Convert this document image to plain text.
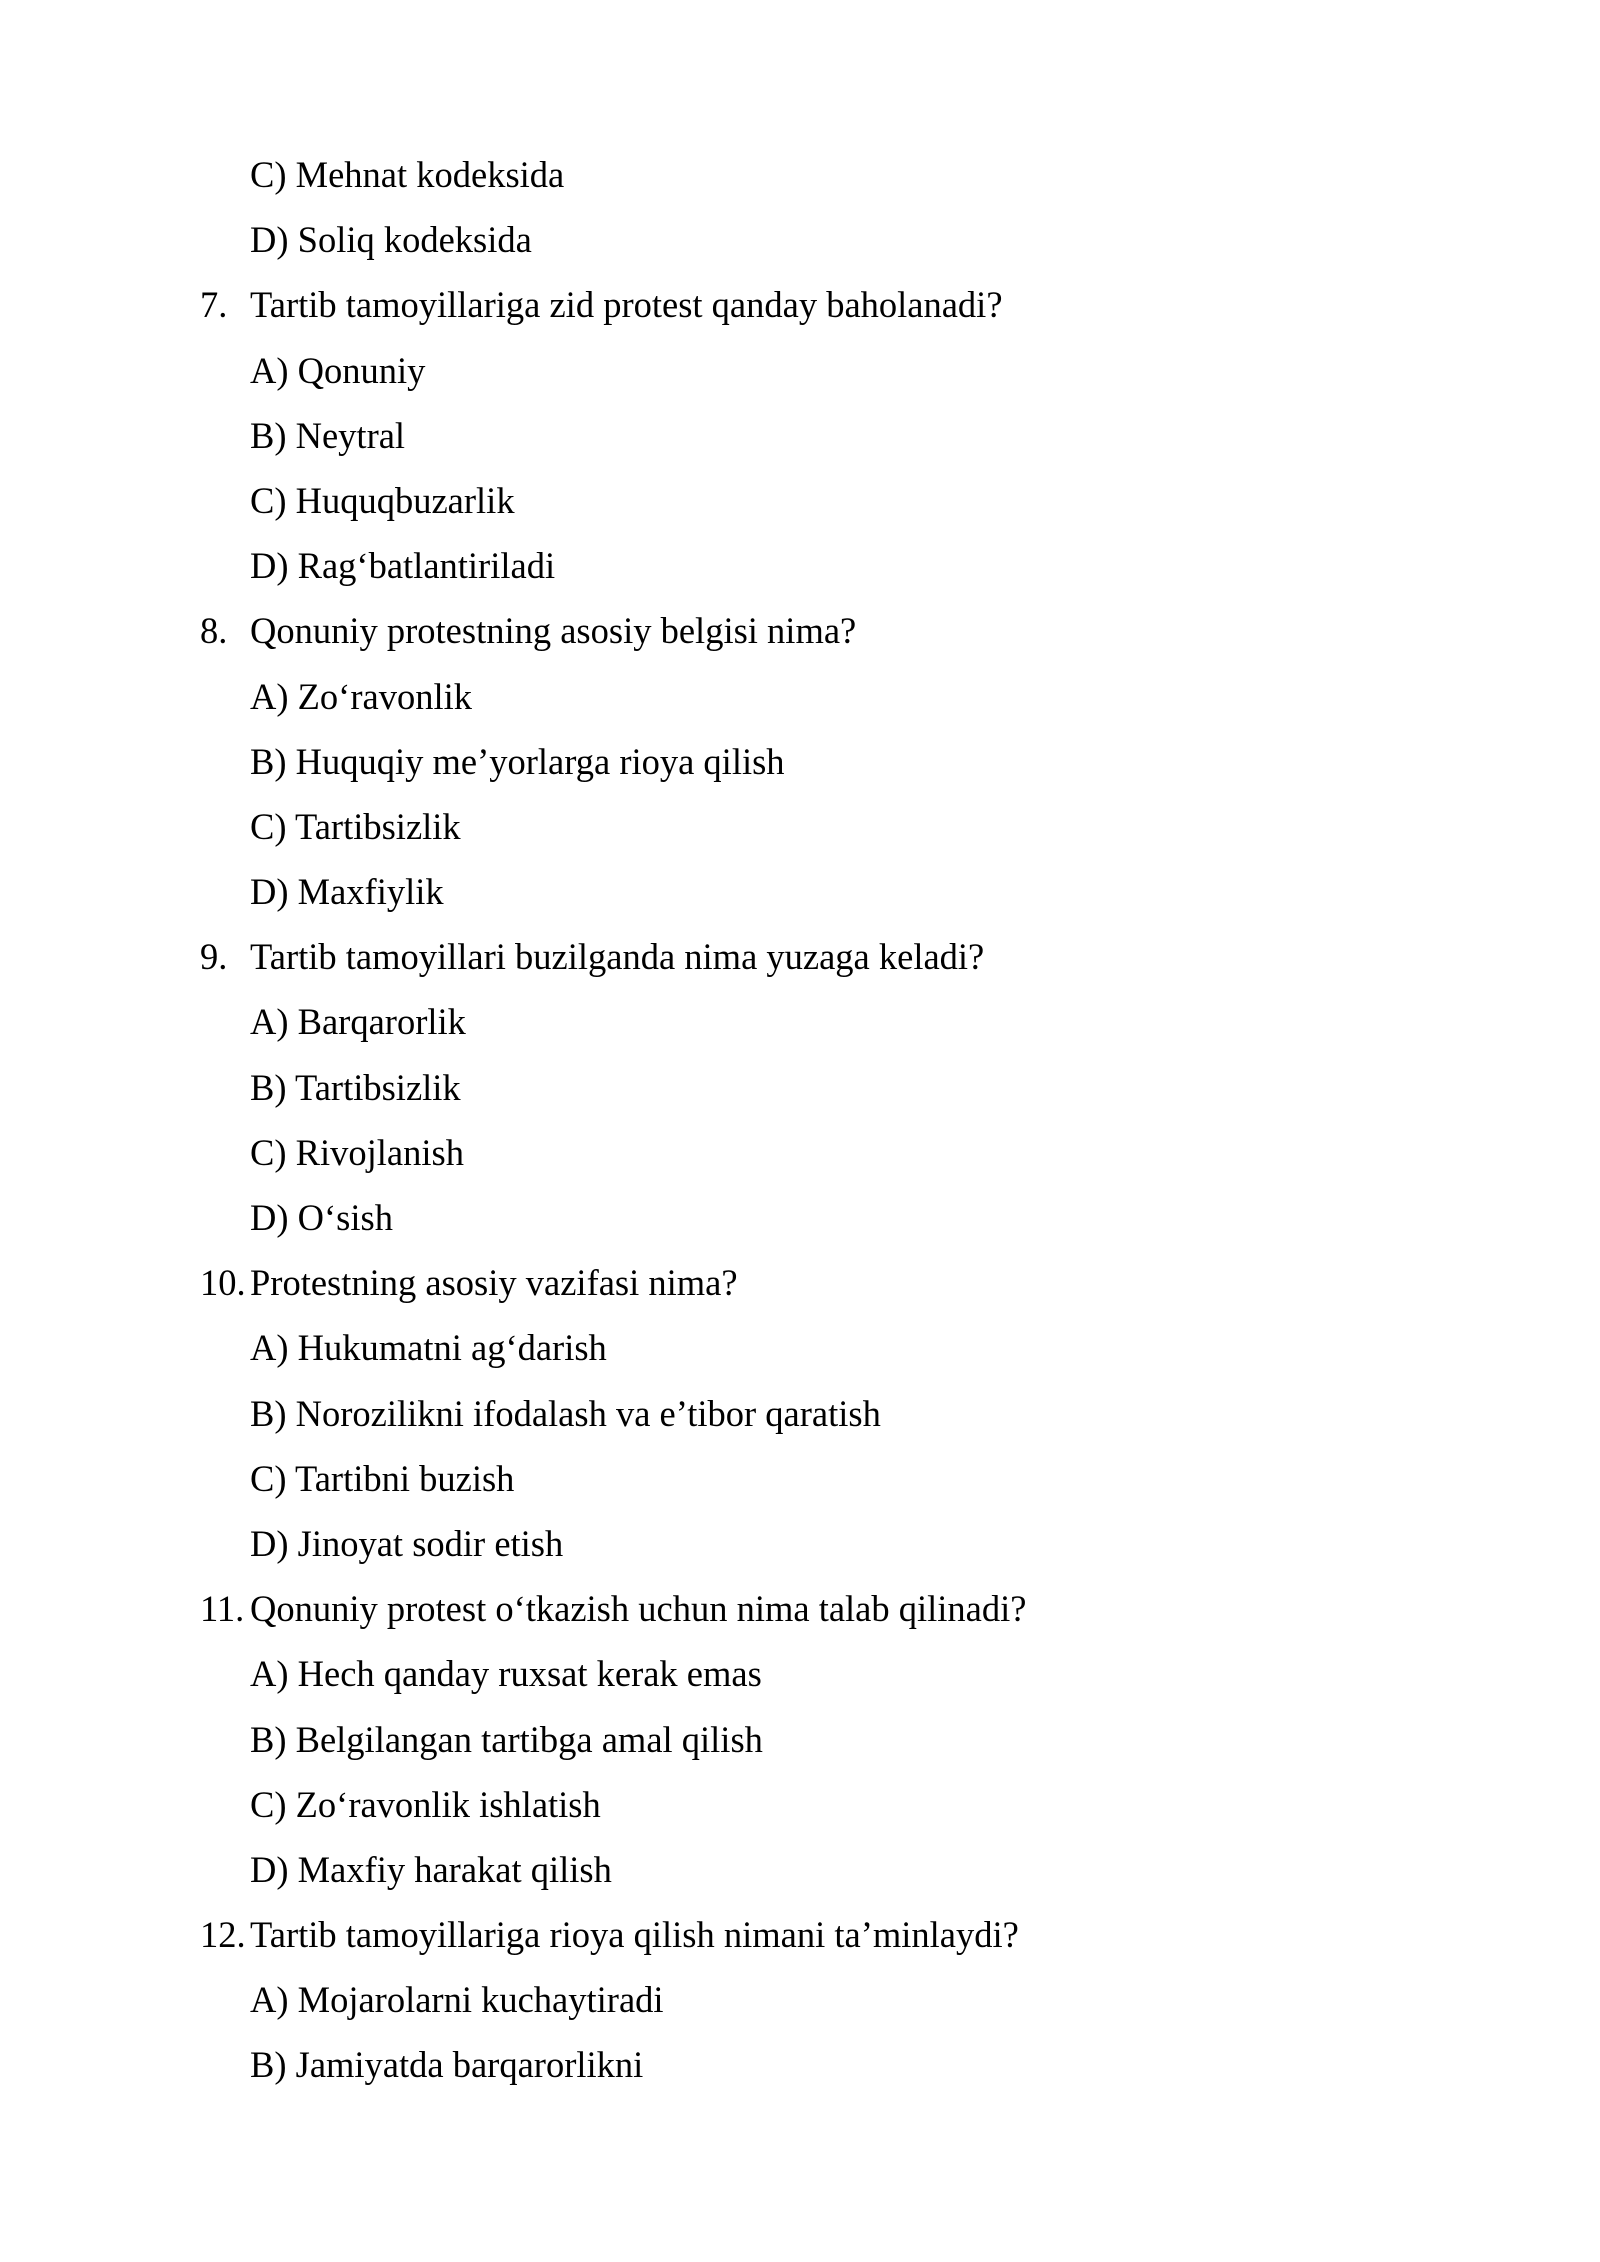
C) Mehnat kodeksida
D) Soliq kodeksida
7. Tartib tamoyillariga zid protest qanday baholanadi?
A) Qonuniy
B) Neytral
C) Huquqbuzarlik
D) Rag‘batlantiriladi
8. Qonuniy protestning asosiy belgisi nima?
A) Zo‘ravonlik
B) Huquqiy me’yorlarga rioya qilish
C) Tartibsizlik
D) Maxfiylik
9. Tartib tamoyillari buzilganda nima yuzaga keladi?
A) Barqarorlik
B) Tartibsizlik
C) Rivojlanish
D) O‘sish
10. Protestning asosiy vazifasi nima?
A) Hukumatni ag‘darish
B) Norozilikni ifodalash va e’tibor qaratish
C) Tartibni buzish
D) Jinoyat sodir etish
11. Qonuniy protest o‘tkazish uchun nima talab qilinadi?
A) Hech qanday ruxsat kerak emas
B) Belgilangan tartibga amal qilish
C) Zo‘ravonlik ishlatish
D) Maxfiy harakat qilish
12. Tartib tamoyillariga rioya qilish nimani ta’minlaydi?
A) Mojarolarni kuchaytiradi
B) Jamiyatda barqarorlikni
